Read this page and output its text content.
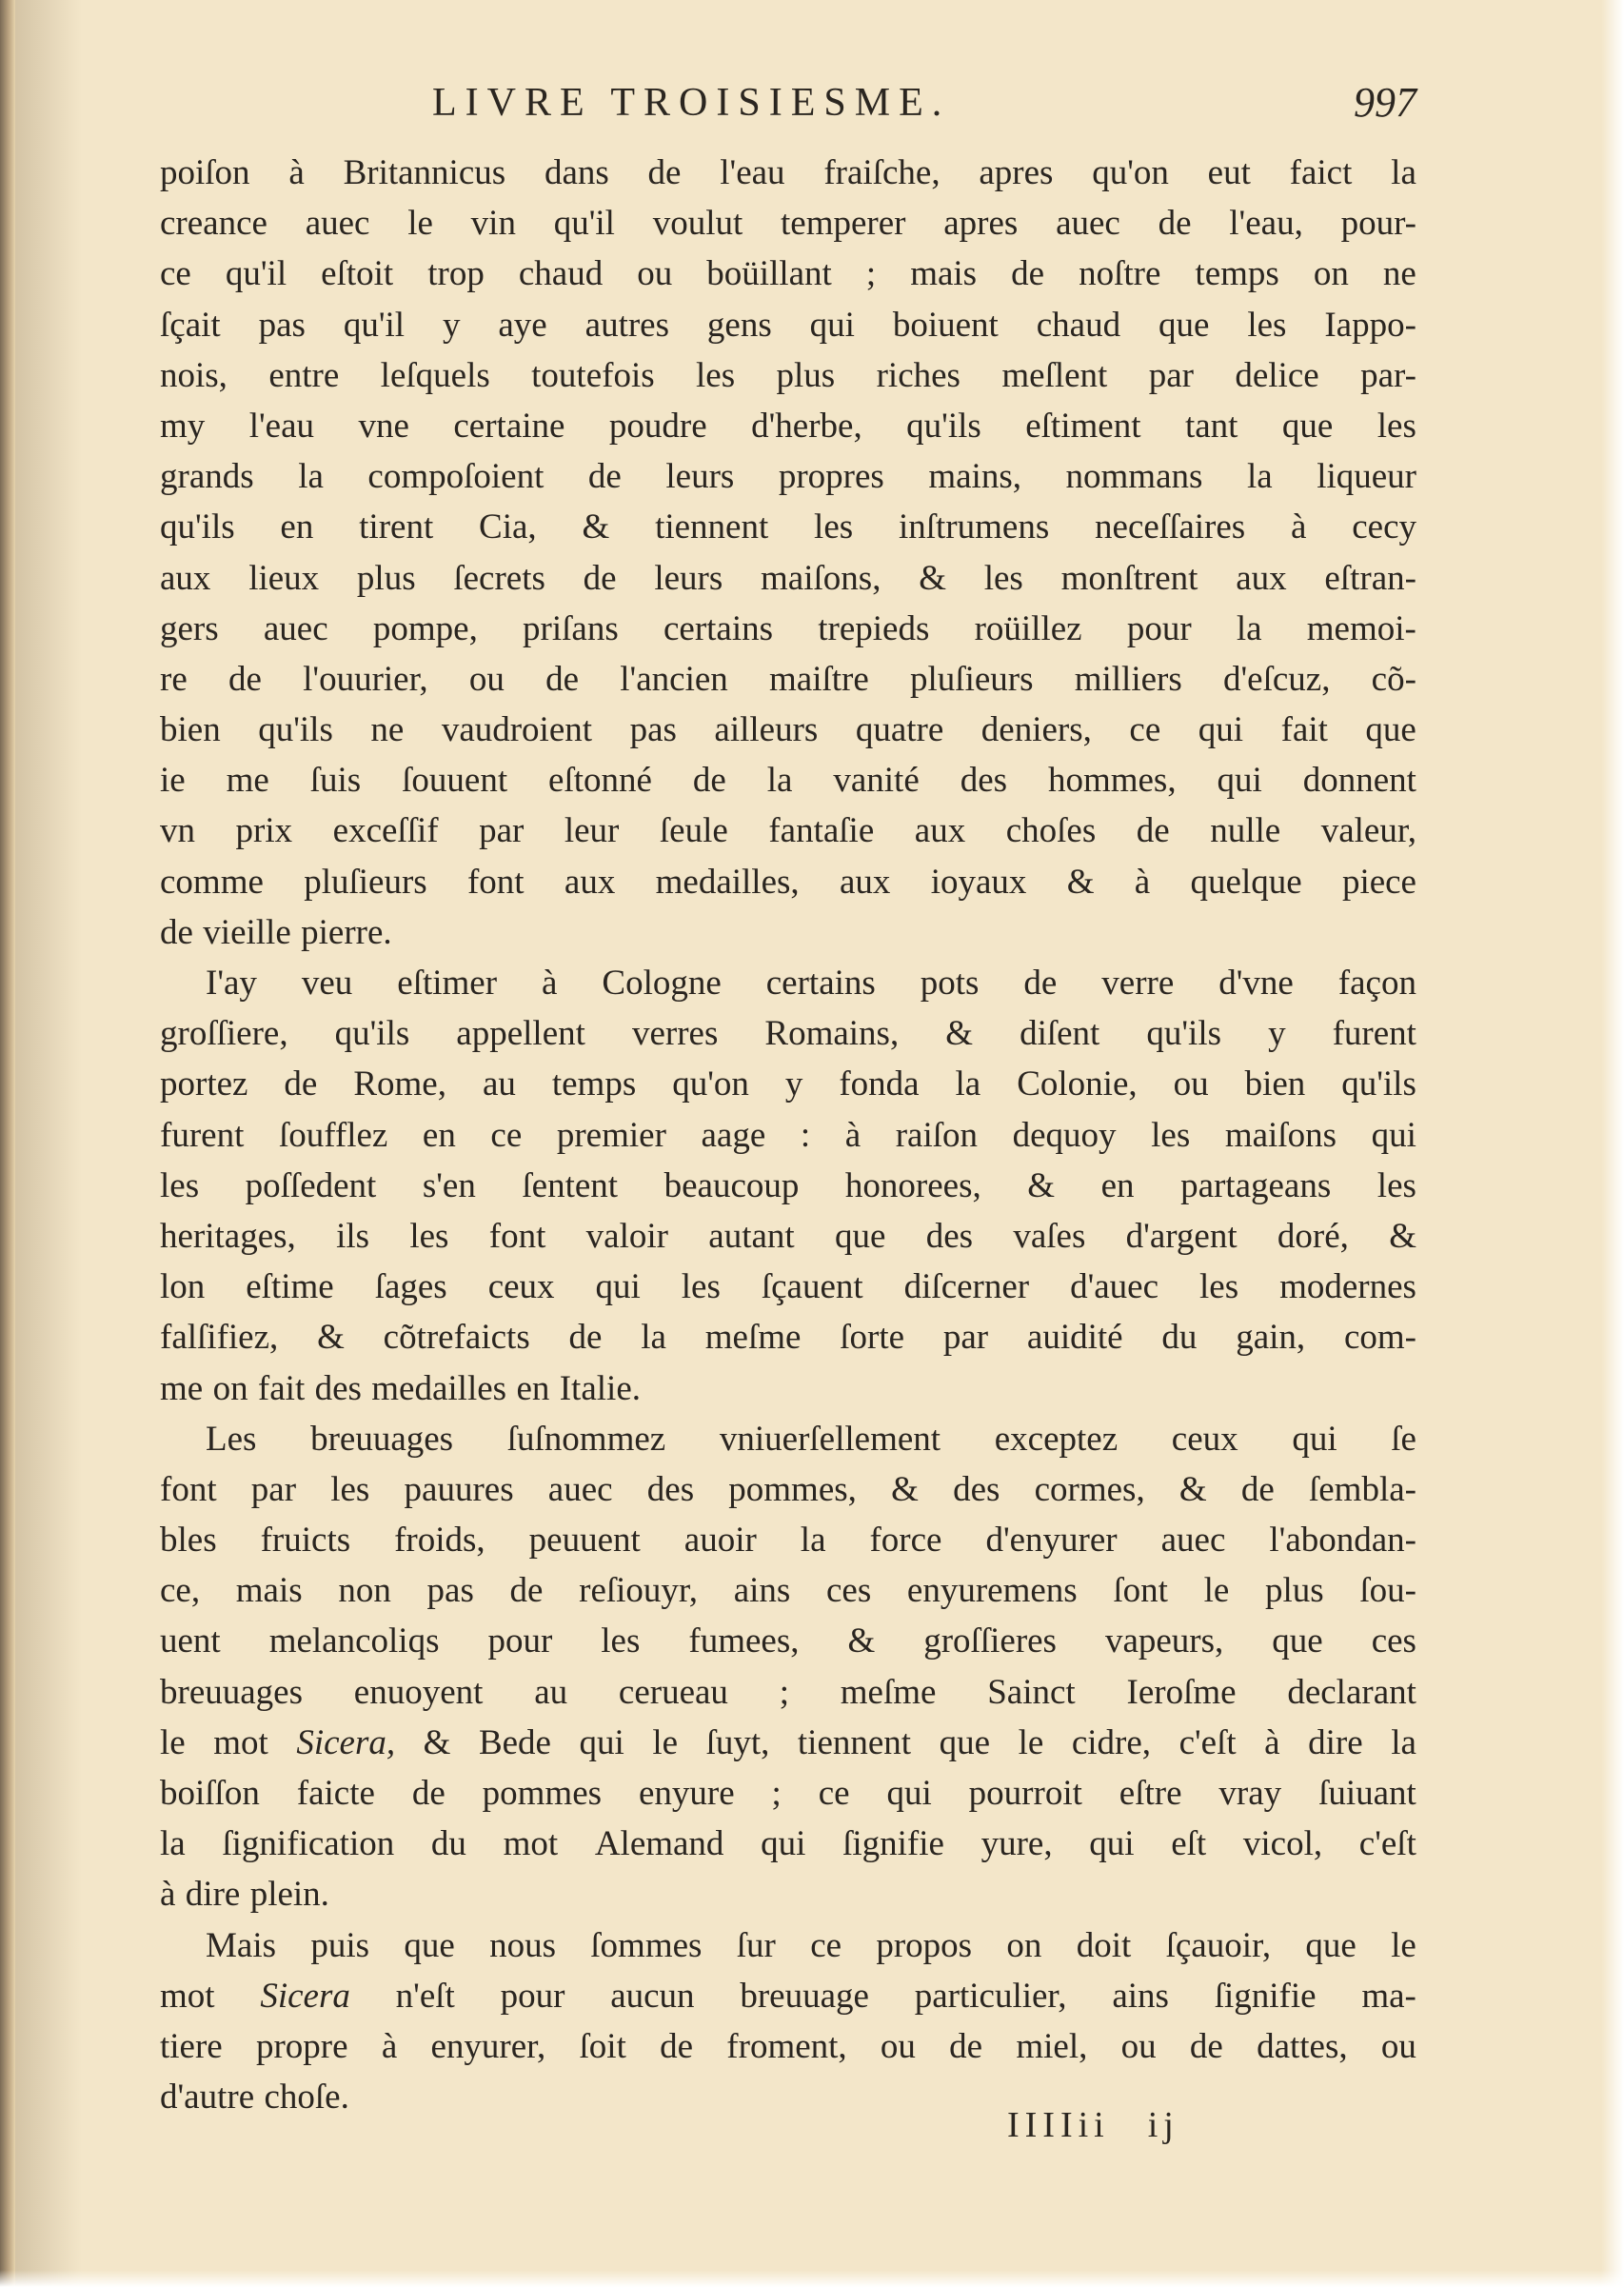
LIVRE TROISIESME.	997
poiſon à Britannicus dans de l'eau fraiſche, apres qu'on eut faict la
creance auec le vin qu'il voulut temperer apres auec de l'eau, pour-
ce qu'il eſtoit trop chaud ou boüillant ; mais de noſtre temps on ne
ſçait pas qu'il y aye autres gens qui boiuent chaud que les Iappo-
nois, entre leſquels toutefois les plus riches meſlent par delice par-
my l'eau vne certaine poudre d'herbe, qu'ils eſtiment tant que les
grands la compoſoient de leurs propres mains, nommans la liqueur
qu'ils en tirent Cia, & tiennent les inſtrumens neceſſaires à cecy
aux lieux plus ſecrets de leurs maiſons, & les monſtrent aux eſtran-
gers auec pompe, priſans certains trepieds roüillez pour la memoi-
re de l'ouurier, ou de l'ancien maiſtre pluſieurs milliers d'eſcuz, cõ-
bien qu'ils ne vaudroient pas ailleurs quatre deniers, ce qui fait que
ie me ſuis ſouuent eſtonné de la vanité des hommes, qui donnent
vn prix exceſſif par leur ſeule fantaſie aux choſes de nulle valeur,
comme pluſieurs font aux medailles, aux ioyaux & à quelque piece
de vieille pierre.
I'ay veu eſtimer à Cologne certains pots de verre d'vne façon
groſſiere, qu'ils appellent verres Romains, & diſent qu'ils y furent
portez de Rome, au temps qu'on y fonda la Colonie, ou bien qu'ils
furent ſoufflez en ce premier aage : à raiſon dequoy les maiſons qui
les poſſedent s'en ſentent beaucoup honorees, & en partageans les
heritages, ils les font valoir autant que des vaſes d'argent doré, &
lon eſtime ſages ceux qui les ſçauent diſcerner d'auec les modernes
falſifiez, & cõtrefaicts de la meſme ſorte par auidité du gain, com-
me on fait des medailles en Italie.
Les breuuages ſuſnommez vniuerſellement exceptez ceux qui ſe
font par les pauures auec des pommes, & des cormes, & de ſembla-
bles fruicts froids, peuuent auoir la force d'enyurer auec l'abondan-
ce, mais non pas de reſiouyr, ains ces enyuremens ſont le plus ſou-
uent melancoliqs pour les fumees, & groſſieres vapeurs, que ces
breuuages enuoyent au cerueau ; meſme Sainct Ieroſme declarant
le mot Sicera, & Bede qui le ſuyt, tiennent que le cidre, c'eſt à dire la
boiſſon faicte de pommes enyure ; ce qui pourroit eſtre vray ſuiuant
la ſignification du mot Alemand qui ſignifie yure, qui eſt vicol, c'eſt
à dire plein.
Mais puis que nous ſommes ſur ce propos on doit ſçauoir, que le
mot Sicera n'eſt pour aucun breuuage particulier, ains ſignifie ma-
tiere propre à enyurer, ſoit de froment, ou de miel, ou de dattes, ou
d'autre choſe.
IIIIii ij
